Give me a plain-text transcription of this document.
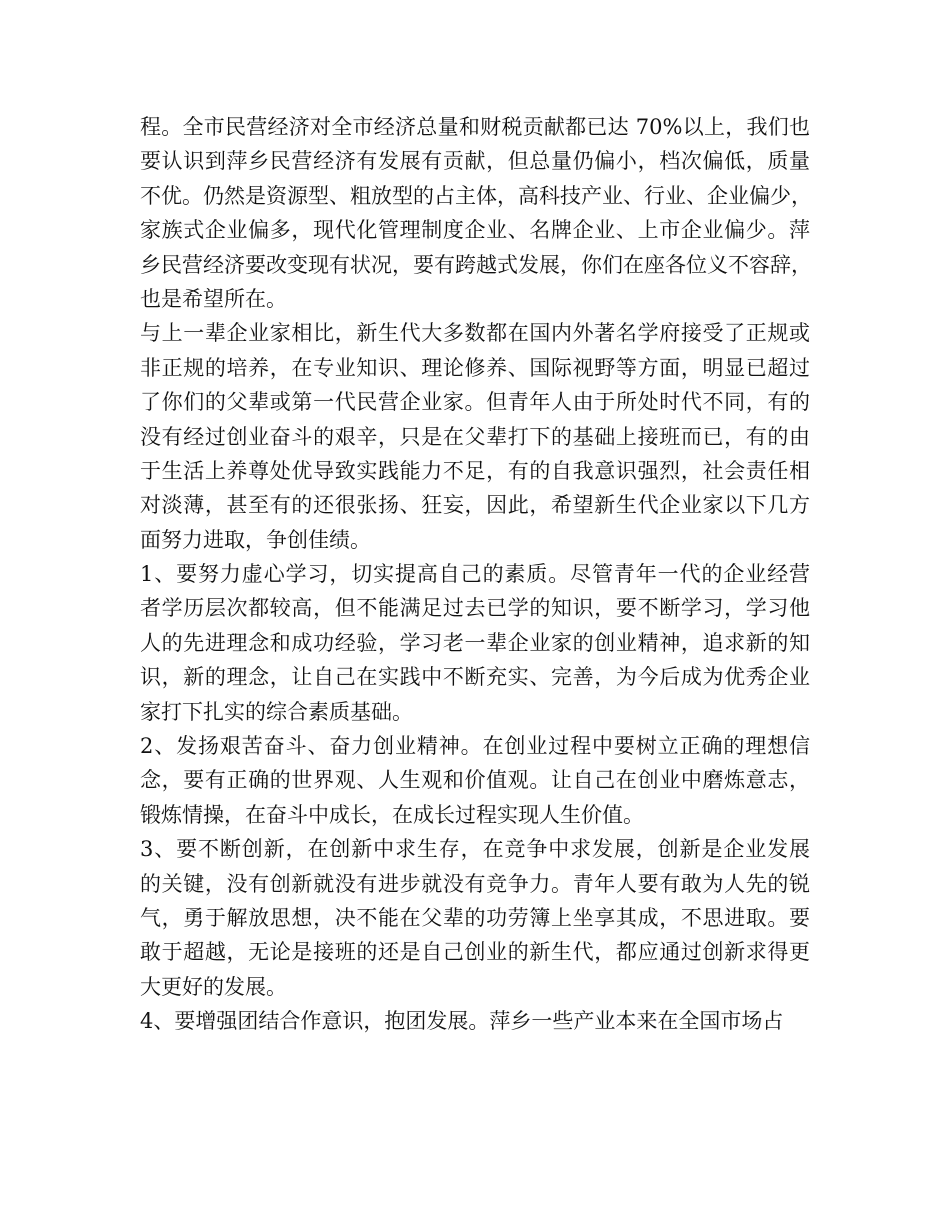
程。全市民营经济对全市经济总量和财税贡献都已达 70%以上，我们也
要认识到萍乡民营经济有发展有贡献，但总量仍偏小，档次偏低，质量
不优。仍然是资源型、粗放型的占主体，高科技产业、行业、企业偏少，
家族式企业偏多，现代化管理制度企业、名牌企业、上市企业偏少。萍
乡民营经济要改变现有状况，要有跨越式发展，你们在座各位义不容辞，
也是希望所在。
与上一辈企业家相比，新生代大多数都在国内外著名学府接受了正规或
非正规的培养，在专业知识、理论修养、国际视野等方面，明显已超过
了你们的父辈或第一代民营企业家。但青年人由于所处时代不同，有的
没有经过创业奋斗的艰辛，只是在父辈打下的基础上接班而已，有的由
于生活上养尊处优导致实践能力不足，有的自我意识强烈，社会责任相
对淡薄，甚至有的还很张扬、狂妄，因此，希望新生代企业家以下几方
面努力进取，争创佳绩。
1、要努力虚心学习，切实提高自己的素质。尽管青年一代的企业经营
者学历层次都较高，但不能满足过去已学的知识，要不断学习，学习他
人的先进理念和成功经验，学习老一辈企业家的创业精神，追求新的知
识，新的理念，让自己在实践中不断充实、完善，为今后成为优秀企业
家打下扎实的综合素质基础。
2、发扬艰苦奋斗、奋力创业精神。在创业过程中要树立正确的理想信
念，要有正确的世界观、人生观和价值观。让自己在创业中磨炼意志，
锻炼情操，在奋斗中成长，在成长过程实现人生价值。
3、要不断创新，在创新中求生存，在竞争中求发展，创新是企业发展
的关键，没有创新就没有进步就没有竞争力。青年人要有敢为人先的锐
气，勇于解放思想，决不能在父辈的功劳簿上坐享其成，不思进取。要
敢于超越，无论是接班的还是自己创业的新生代，都应通过创新求得更
大更好的发展。
4、要增强团结合作意识，抱团发展。萍乡一些产业本来在全国市场占
